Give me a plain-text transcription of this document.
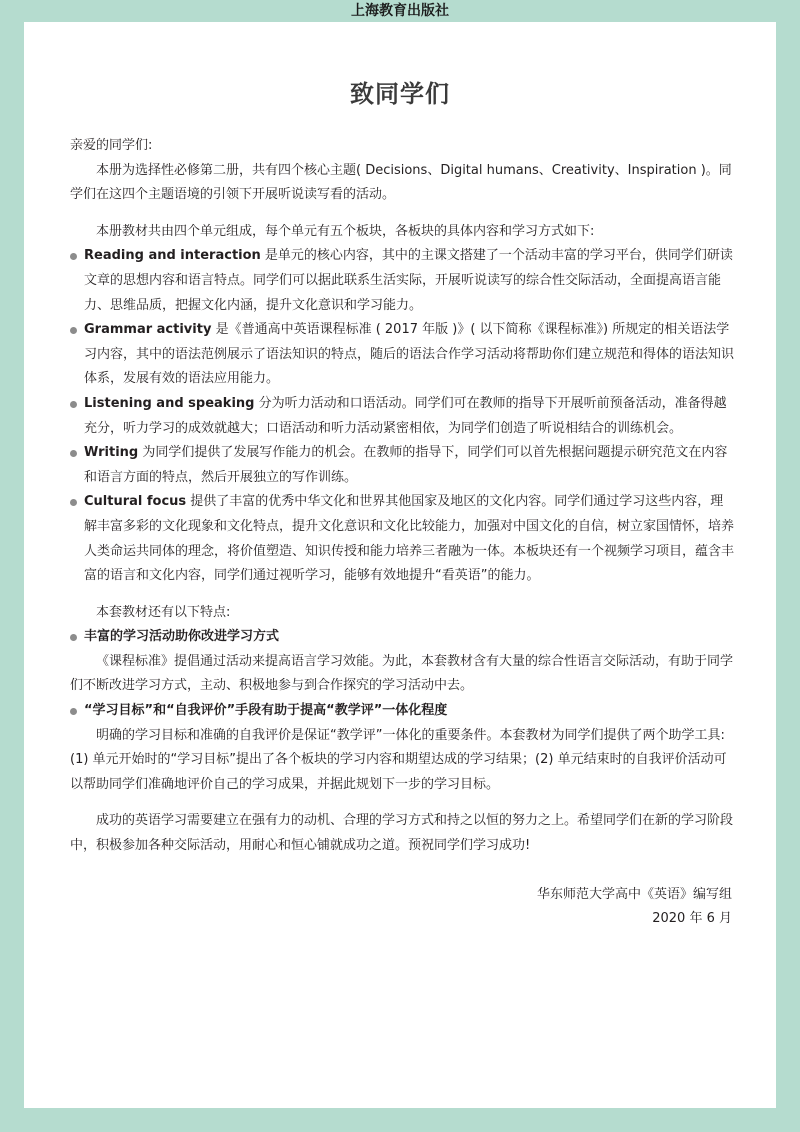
上海教育出版社
致同学们

亲爱的同学们:

本册为选择性必修第二册，共有四个核心主题( Decisions、Digital humans、Creativity、Inspiration )。同学们在这四个主题语境的引领下开展听说读写看的活动。

本册教材共由四个单元组成，每个单元有五个板块，各板块的具体内容和学习方式如下:

Reading and interaction 是单元的核心内容，其中的主课文搭建了一个活动丰富的学习平台，供同学们研读文章的思想内容和语言特点。同学们可以据此联系生活实际，开展听说读写的综合性交际活动，全面提高语言能力、思维品质，把握文化内涵，提升文化意识和学习能力。
Grammar activity 是《普通高中英语课程标准 ( 2017 年版 )》( 以下简称《课程标准》) 所规定的相关语法学习内容，其中的语法范例展示了语法知识的特点，随后的语法合作学习活动将帮助你们建立规范和得体的语法知识体系，发展有效的语法应用能力。
Listening and speaking 分为听力活动和口语活动。同学们可在教师的指导下开展听前预备活动，准备得越充分，听力学习的成效就越大；口语活动和听力活动紧密相依，为同学们创造了听说相结合的训练机会。
Writing 为同学们提供了发展写作能力的机会。在教师的指导下，同学们可以首先根据问题提示研究范文在内容和语言方面的特点，然后开展独立的写作训练。
Cultural focus 提供了丰富的优秀中华文化和世界其他国家及地区的文化内容。同学们通过学习这些内容，理解丰富多彩的文化现象和文化特点，提升文化意识和文化比较能力，加强对中国文化的自信，树立家国情怀，培养人类命运共同体的理念，将价值塑造、知识传授和能力培养三者融为一体。本板块还有一个视频学习项目，蕴含丰富的语言和文化内容，同学们通过视听学习，能够有效地提升“看英语”的能力。

本套教材还有以下特点:

丰富的学习活动助你改进学习方式

《课程标准》提倡通过活动来提高语言学习效能。为此，本套教材含有大量的综合性语言交际活动，有助于同学们不断改进学习方式，主动、积极地参与到合作探究的学习活动中去。

“学习目标”和“自我评价”手段有助于提高“教学评”一体化程度

明确的学习目标和准确的自我评价是保证“教学评”一体化的重要条件。本套教材为同学们提供了两个助学工具: (1) 单元开始时的“学习目标”提出了各个板块的学习内容和期望达成的学习结果；(2) 单元结束时的自我评价活动可以帮助同学们准确地评价自己的学习成果，并据此规划下一步的学习目标。

成功的英语学习需要建立在强有力的动机、合理的学习方式和持之以恒的努力之上。希望同学们在新的学习阶段中，积极参加各种交际活动，用耐心和恒心铺就成功之道。预祝同学们学习成功!

华东师范大学高中《英语》编写组

2020 年 6 月
